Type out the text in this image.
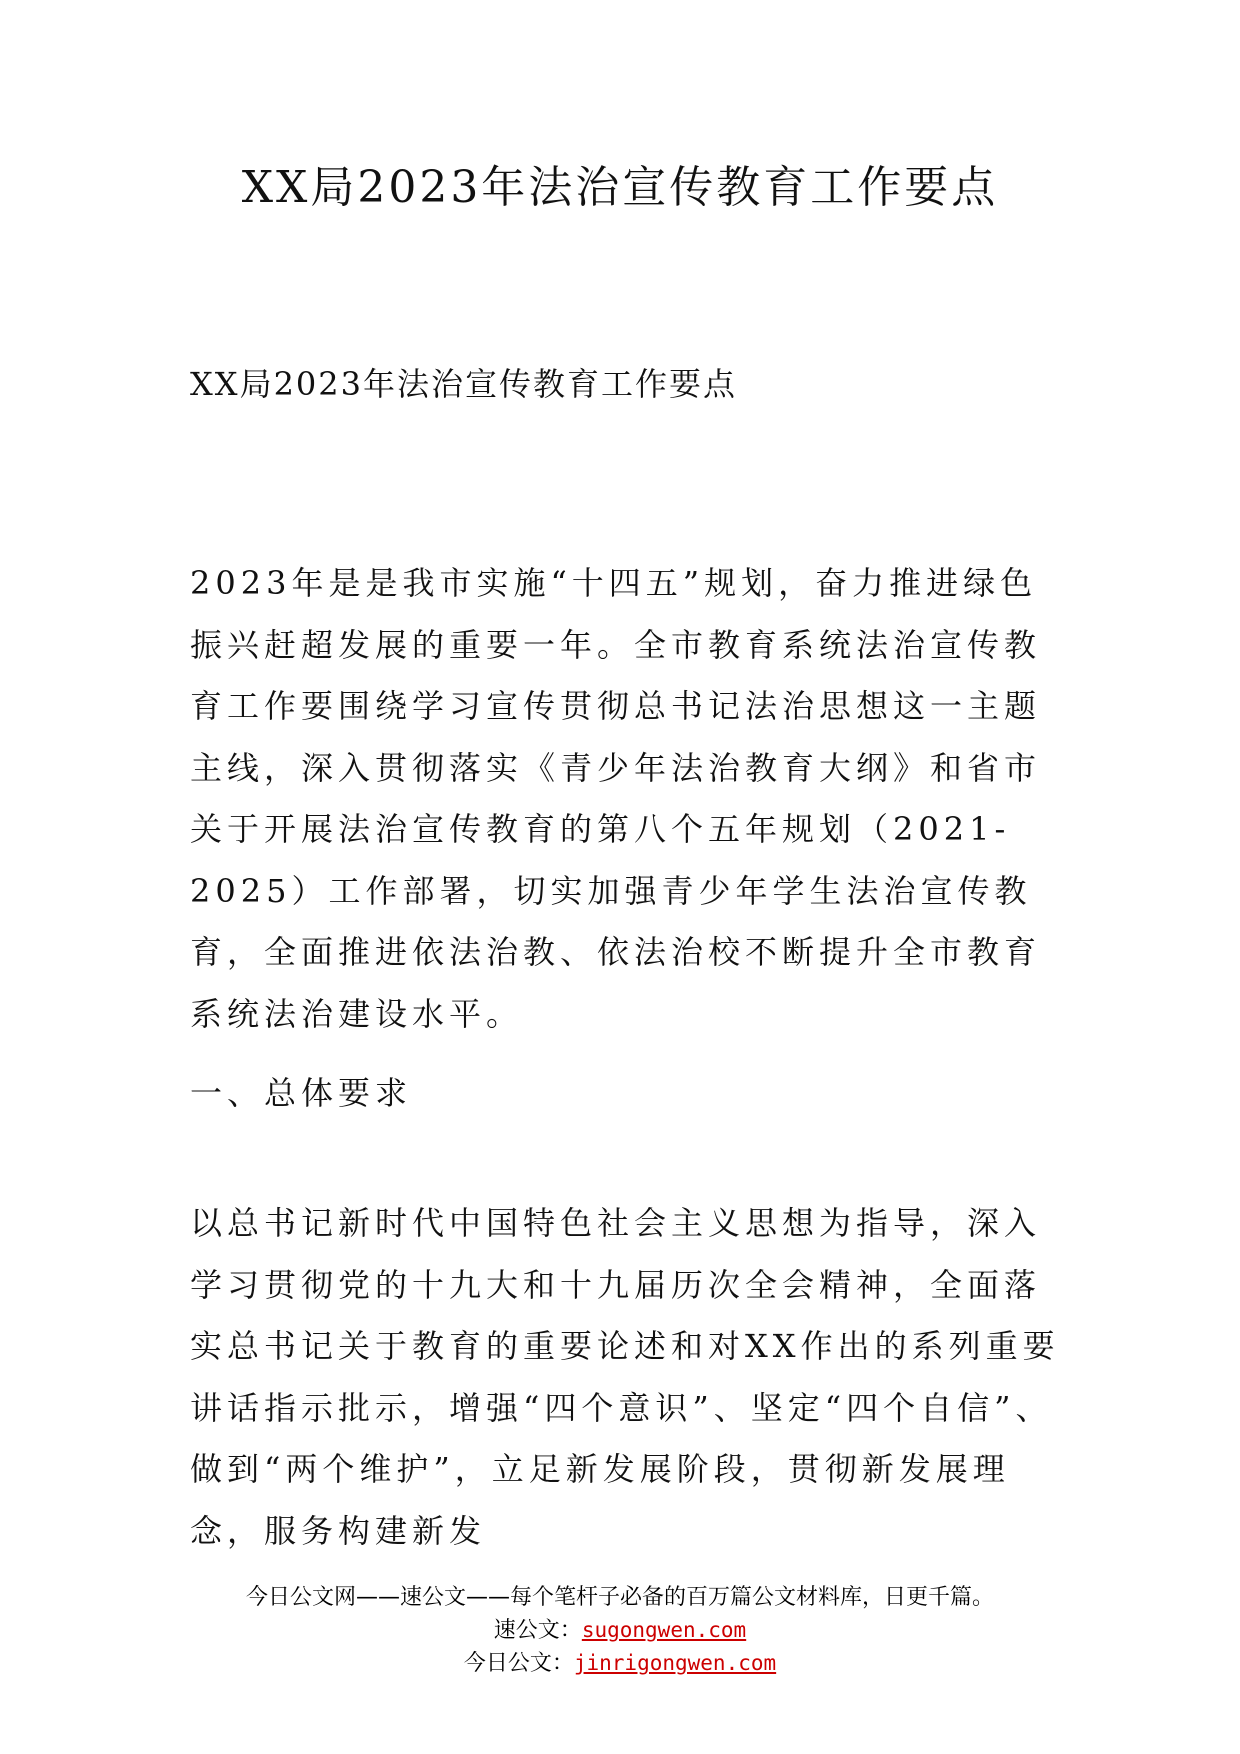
XX局2023年法治宣传教育工作要点

XX局2023年法治宣传教育工作要点

2023年是是我市实施“十四五”规划，奋力推进绿色振兴赶超发展的重要一年。全市教育系统法治宣传教育工作要围绕学习宣传贯彻总书记法治思想这一主题主线，深入贯彻落实《青少年法治教育大纲》和省市关于开展法治宣传教育的第八个五年规划（2021-2025）工作部署，切实加强青少年学生法治宣传教育，全面推进依法治教、依法治校不断提升全市教育系统法治建设水平。

一、总体要求

以总书记新时代中国特色社会主义思想为指导，深入学习贯彻党的十九大和十九届历次全会精神，全面落实总书记关于教育的重要论述和对XX作出的系列重要讲话指示批示，增强“四个意识”、坚定“四个自信”、做到“两个维护”，立足新发展阶段，贯彻新发展理念，服务构建新发

今日公文网——速公文——每个笔杆子必备的百万篇公文材料库，日更千篇。
速公文：sugongwen.com
今日公文：jinrigongwen.com
